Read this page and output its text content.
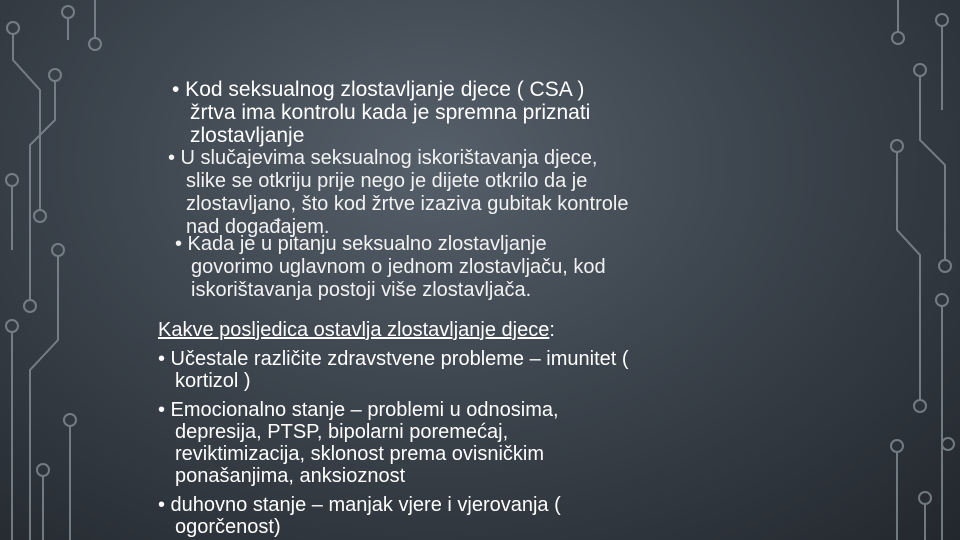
• Kod seksualnog zlostavljanje djece ( CSA )
žrtva ima kontrolu kada je spremna priznati
zlostavljanje
• U slučajevima seksualnog iskorištavanja djece,
slike se otkriju prije nego je dijete otkrilo da je
zlostavljano, što kod žrtve izaziva gubitak kontrole
nad događajem.
• Kada je u pitanju seksualno zlostavljanje
govorimo uglavnom o jednom zlostavljaču, kod
iskorištavanja postoji više zlostavljača.
Kakve posljedica ostavlja zlostavljanje djece:
• Učestale različite zdravstvene probleme – imunitet (
kortizol )
• Emocionalno stanje – problemi u odnosima,
depresija, PTSP, bipolarni poremećaj,
reviktimizacija, sklonost prema ovisničkim
ponašanjima, anksioznost
• duhovno stanje – manjak vjere i vjerovanja (
ogorčenost)
